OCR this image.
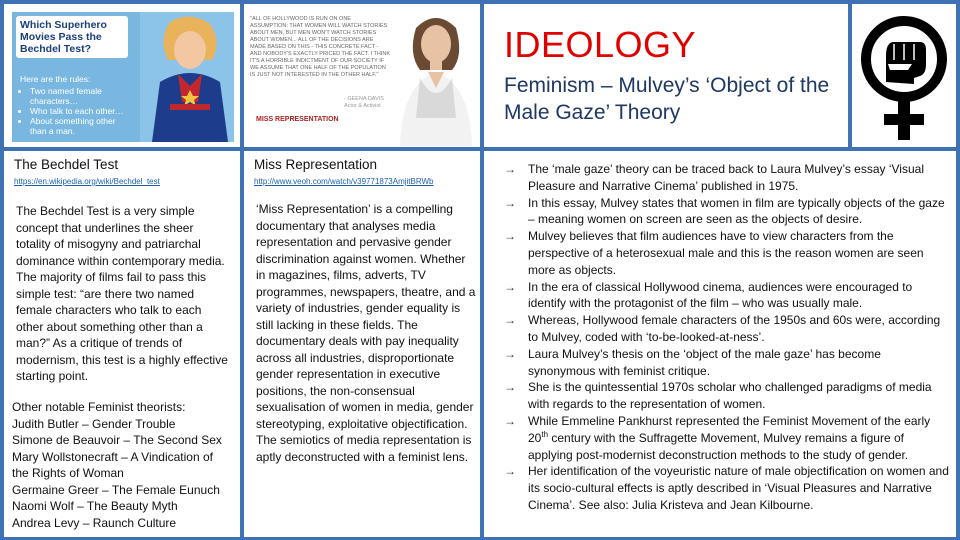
Which Superhero Movies Pass the Bechdel Test?
Here are the rules:
• Two named female characters…
• Who talk to each other…
• About something other than a man.
"ALL OF HOLLYWOOD IS RUN ON ONE ASSUMPTION: THAT WOMEN WILL WATCH STORIES ABOUT MEN, BUT MEN WON'T WATCH STORIES ABOUT WOMEN... ALL OF THE DECISIONS ARE MADE BASED ON THIS - THIS CONCRETE FACT - AND NOBODY'S EXACTLY PRICED THE FACT. I THINK IT'S A HORRIBLE INDICTMENT OF OUR SOCIETY IF WE ASSUME THAT ONE HALF OF THE POPULATION IS JUST NOT INTERESTED IN THE OTHER HALF."
- GEENA DAVIS
Actor & Activist
MISS REPRESENTATION
IDEOLOGY
Feminism – Mulvey’s ‘Object of the Male Gaze’ Theory
The Bechdel Test
https://en.wikipedia.org/wiki/Bechdel_test
The Bechdel Test is a very simple concept that underlines the sheer totality of misogyny and patriarchal dominance within contemporary media. The majority of films fail to pass this simple test: “are there two named female characters who talk to each other about something other than a man?” As a critique of trends of modernism, this test is a highly effective starting point.
Other notable Feminist theorists:
Judith Butler – Gender Trouble
Simone de Beauvoir – The Second Sex
Mary Wollstonecraft – A Vindication of
the Rights of Woman
Germaine Greer – The Female Eunuch
Naomi Wolf – The Beauty Myth
Andrea Levy – Raunch Culture
Miss Representation
http://www.veoh.com/watch/v39771873AmjitBRWb
‘Miss Representation’ is a compelling documentary that analyses media representation and pervasive gender discrimination against women. Whether in magazines, films, adverts, TV programmes, newspapers, theatre, and a variety of industries, gender equality is still lacking in these fields. The documentary deals with pay inequality across all industries, disproportionate gender representation in executive positions, the non-consensual sexualisation of women in media, gender stereotyping, exploitative objectification. The semiotics of media representation is aptly deconstructed with a feminist lens.
→ The ‘male gaze’ theory can be traced back to Laura Mulvey’s essay ‘Visual Pleasure and Narrative Cinema’ published in 1975.
→ In this essay, Mulvey states that women in film are typically objects of the gaze – meaning women on screen are seen as the objects of desire.
→ Mulvey believes that film audiences have to view characters from the perspective of a heterosexual male and this is the reason women are seen more as objects.
→ In the era of classical Hollywood cinema, audiences were encouraged to identify with the protagonist of the film – who was usually male.
→ Whereas, Hollywood female characters of the 1950s and 60s were, according to Mulvey, coded with ‘to-be-looked-at-ness’.
→ Laura Mulvey’s thesis on the ‘object of the male gaze’ has become synonymous with feminist critique.
→ She is the quintessential 1970s scholar who challenged paradigms of media with regards to the representation of women.
→ While Emmeline Pankhurst represented the Feminist Movement of the early 20th century with the Suffragette Movement, Mulvey remains a figure of applying post-modernist deconstruction methods to the study of gender.
→ Her identification of the voyeuristic nature of male objectification on women and its socio-cultural effects is aptly described in ‘Visual Pleasures and Narrative Cinema’. See also: Julia Kristeva and Jean Kilbourne.
